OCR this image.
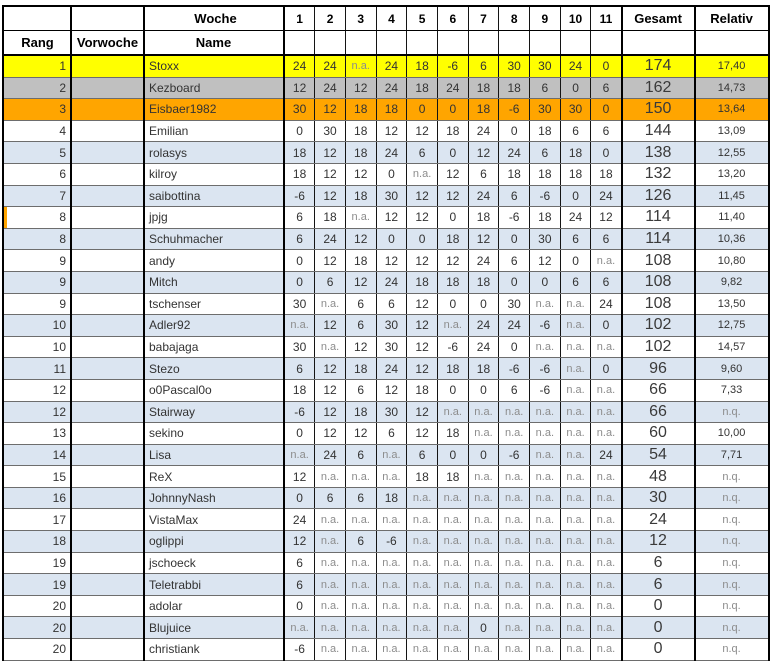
		Woche	1	2	3	4	5	6	7	8	9	10	11	Gesamt	Relativ
Rang	Vorwoche	Name													
1		Stoxx	24	24	n.a.	24	18	-6	6	30	30	24	0	174	17,40
2		Kezboard	12	24	12	24	18	24	18	18	6	0	6	162	14,73
3		Eisbaer1982	30	12	18	18	0	0	18	-6	30	30	0	150	13,64
4		Emilian	0	30	18	12	12	18	24	0	18	6	6	144	13,09
5		rolasys	18	12	18	24	6	0	12	24	6	18	0	138	12,55
6		kilroy	18	12	12	0	n.a.	12	6	18	18	18	18	132	13,20
7		saibottina	-6	12	18	30	12	12	24	6	-6	0	24	126	11,45
8		jpjg	6	18	n.a.	12	12	0	18	-6	18	24	12	114	11,40
8		Schuhmacher	6	24	12	0	0	18	12	0	30	6	6	114	10,36
9		andy	0	12	18	12	12	12	24	6	12	0	n.a.	108	10,80
9		Mitch	0	6	12	24	18	18	18	0	0	6	6	108	9,82
9		tschenser	30	n.a.	6	6	12	0	0	30	n.a.	n.a.	24	108	13,50
10		Adler92	n.a.	12	6	30	12	n.a.	24	24	-6	n.a.	0	102	12,75
10		babajaga	30	n.a.	12	30	12	-6	24	0	n.a.	n.a.	n.a.	102	14,57
11		Stezo	6	12	18	24	12	18	18	-6	-6	n.a.	0	96	9,60
12		o0Pascal0o	18	12	6	12	18	0	0	6	-6	n.a.	n.a.	66	7,33
12		Stairway	-6	12	18	30	12	n.a.	n.a.	n.a.	n.a.	n.a.	n.a.	66	n.q.
13		sekino	0	12	12	6	12	18	n.a.	n.a.	n.a.	n.a.	n.a.	60	10,00
14		Lisa	n.a.	24	6	n.a.	6	0	0	-6	n.a.	n.a.	24	54	7,71
15		ReX	12	n.a.	n.a.	n.a.	18	18	n.a.	n.a.	n.a.	n.a.	n.a.	48	n.q.
16		JohnnyNash	0	6	6	18	n.a.	n.a.	n.a.	n.a.	n.a.	n.a.	n.a.	30	n.q.
17		VistaMax	24	n.a.	n.a.	n.a.	n.a.	n.a.	n.a.	n.a.	n.a.	n.a.	n.a.	24	n.q.
18		oglippi	12	n.a.	6	-6	n.a.	n.a.	n.a.	n.a.	n.a.	n.a.	n.a.	12	n.q.
19		jschoeck	6	n.a.	n.a.	n.a.	n.a.	n.a.	n.a.	n.a.	n.a.	n.a.	n.a.	6	n.q.
19		Teletrabbi	6	n.a.	n.a.	n.a.	n.a.	n.a.	n.a.	n.a.	n.a.	n.a.	n.a.	6	n.q.
20		adolar	0	n.a.	n.a.	n.a.	n.a.	n.a.	n.a.	n.a.	n.a.	n.a.	n.a.	0	n.q.
20		Blujuice	n.a.	n.a.	n.a.	n.a.	n.a.	n.a.	0	n.a.	n.a.	n.a.	n.a.	0	n.q.
20		christiank	-6	n.a.	n.a.	n.a.	n.a.	n.a.	n.a.	n.a.	n.a.	n.a.	n.a.	0	n.q.
